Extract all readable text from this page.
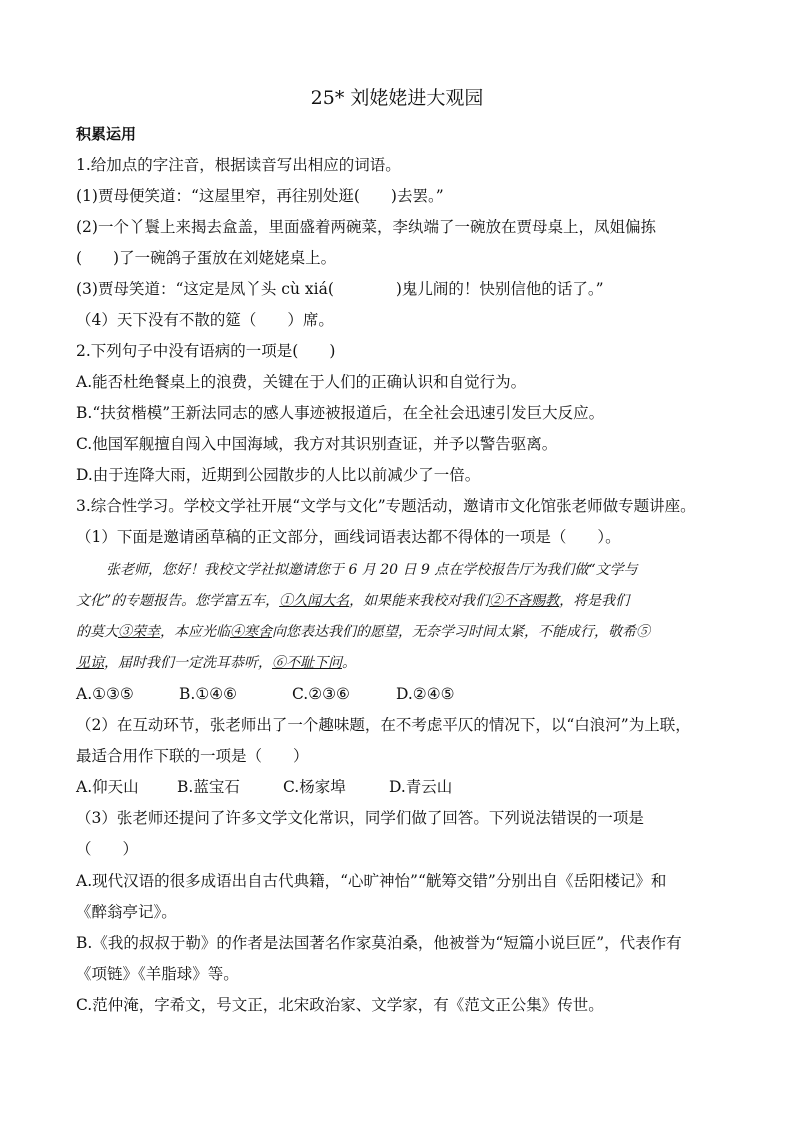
25* 刘姥姥进大观园
积累运用
1.给加点的字注音，根据读音写出相应的词语。
(1)贾母便笑道：“这屋里窄，再往别处逛(　　)去罢。”
(2)一个丫鬟上来揭去盒盖，里面盛着两碗菜，李纨端了一碗放在贾母桌上，凤姐偏拣
(　　)了一碗鸽子蛋放在刘姥姥桌上。
(3)贾母笑道：“这定是凤丫头 cù xiá(　　　　)鬼儿闹的！快别信他的话了。”
（4）天下没有不散的筵（　　）席。
2.下列句子中没有语病的一项是(　　)
A.能否杜绝餐桌上的浪费，关键在于人们的正确认识和自觉行为。
B.“扶贫楷模”王新法同志的感人事迹被报道后，在全社会迅速引发巨大反应。
C.他国军舰擅自闯入中国海域，我方对其识别查证，并予以警告驱离。
D.由于连降大雨，近期到公园散步的人比以前减少了一倍。
3.综合性学习。学校文学社开展“文学与文化”专题活动，邀请市文化馆张老师做专题讲座。
（1）下面是邀请函草稿的正文部分，画线词语表达都不得体的一项是（　　）。
张老师，您好！我校文学社拟邀请您于 6 月 20 日 9 点在学校报告厅为我们做“文学与
文化”的专题报告。您学富五车，①久闻大名，如果能来我校对我们②不吝赐教，将是我们
的莫大③荣幸，本应光临④寒舍向您表达我们的愿望，无奈学习时间太紧，不能成行，敬希⑤
见谅，届时我们一定洗耳恭听，⑥不耻下问。
A.①③⑤	B.①④⑥	C.②③⑥	D.②④⑤
（2）在互动环节，张老师出了一个趣味题，在不考虑平仄的情况下，以“白浪河”为上联，
最适合用作下联的一项是（　　）
A.仰天山 B.蓝宝石	C.杨家埠	D.青云山
（3）张老师还提问了许多文学文化常识，同学们做了回答。下列说法错误的一项是
（　　）
A.现代汉语的很多成语出自古代典籍，“心旷神怡”“觥筹交错”分别出自《岳阳楼记》和
《醉翁亭记》。
B.《我的叔叔于勒》的作者是法国著名作家莫泊桑，他被誉为“短篇小说巨匠”，代表作有
《项链》《羊脂球》等。
C.范仲淹，字希文，号文正，北宋政治家、文学家，有《范文正公集》传世。
